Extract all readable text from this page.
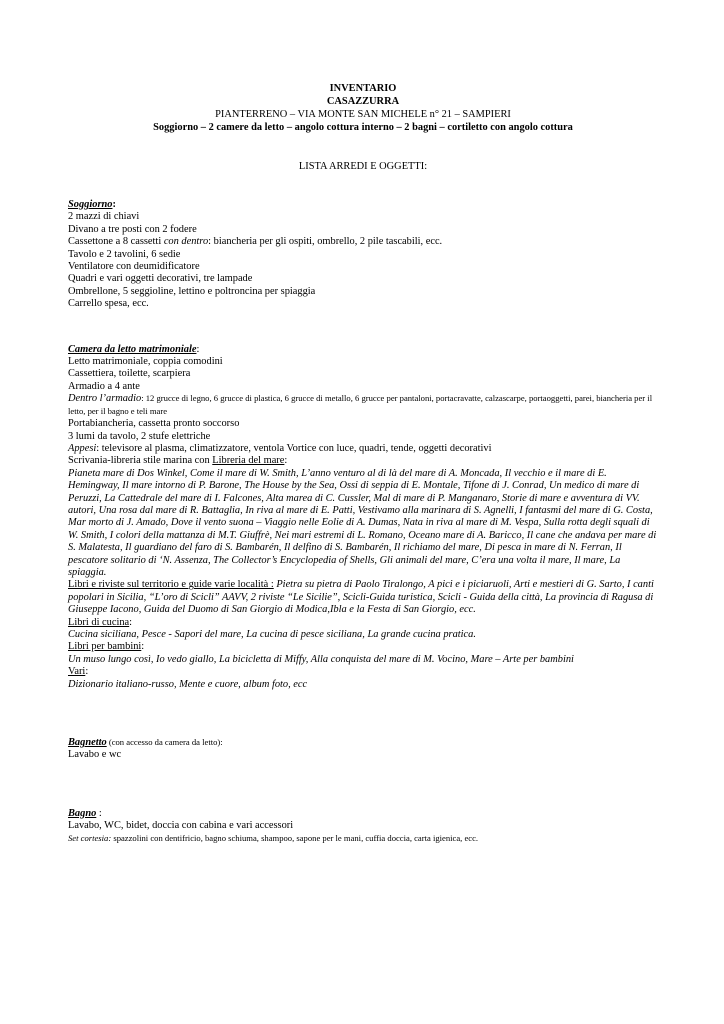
INVENTARIO
CASAZZURRA
PIANTERRENO – VIA MONTE SAN MICHELE n° 21 – SAMPIERI
Soggiorno – 2 camere da letto – angolo cottura interno – 2 bagni – cortiletto con angolo cottura
LISTA ARREDI E OGGETTI:

Soggiorno:

2 mazzi di chiavi

Divano a tre posti con 2 fodere

Cassettone a 8 cassetti con dentro: biancheria per gli ospiti, ombrello, 2 pile tascabili, ecc.

Tavolo e 2 tavolini, 6 sedie

Ventilatore con deumidificatore

Quadri e vari oggetti decorativi, tre lampade

Ombrellone, 5 seggioline, lettino e poltroncina per spiaggia

Carrello spesa, ecc.

Camera da letto matrimoniale:

Letto matrimoniale, coppia comodini

Cassettiera, toilette, scarpiera

Armadio a 4 ante

Dentro l’armadio: 12 grucce di legno, 6 grucce di plastica, 6 grucce di metallo, 6 grucce per pantaloni, portacravatte, calzascarpe, portaoggetti, parei, biancheria per il letto, per il bagno e teli mare

Portabiancheria, cassetta pronto soccorso

3 lumi da tavolo, 2 stufe elettriche

Appesi: televisore al plasma, climatizzatore, ventola Vortice con luce, quadri, tende, oggetti decorativi

Scrivania-libreria stile marina con Libreria del mare:

Pianeta mare di Dos Winkel, Come il mare di W. Smith, L’anno venturo al di là del mare di A. Moncada, Il vecchio e il mare di E. Hemingway, Il mare intorno di P. Barone, The House by the Sea, Ossi di seppia di E. Montale, Tifone di J. Conrad, Un medico di mare di Peruzzi, La Cattedrale del mare di I. Falcones, Alta marea di C. Cussler, Mal di mare di P. Manganaro, Storie di mare e avventura di VV. autori, Una rosa dal mare di R. Battaglia, In riva al mare di E. Patti, Vestivamo alla marinara di S. Agnelli, I fantasmi del mare di G. Costa, Mar morto di J. Amado, Dove il vento suona – Viaggio nelle Eolie di A. Dumas, Nata in riva al mare di M. Vespa, Sulla rotta degli squali di W. Smith, I colori della mattanza di M.T. Giuffrè, Nei mari estremi di L. Romano, Oceano mare di A. Baricco, Il cane che andava per mare di S. Malatesta, Il guardiano del faro di S. Bambarén, Il delfino di S. Bambarén, Il richiamo del mare, Di pesca in mare di N. Ferran, Il pescatore solitario di ‘N. Assenza, The Collector’s Encyclopedia of Shells, Gli animali del mare, C’era una volta il mare, Il mare, La spiaggia.

Libri e riviste sul territorio e guide varie località : Pietra su pietra di Paolo Tiralongo, A pici e i piciaruoli, Arti e mestieri di G. Sarto, I canti popolari in Sicilia, “L’oro di Scicli” AAVV, 2 riviste “Le Sicilie”, Scicli-Guida turistica, Scicli - Guida della città, La provincia di Ragusa di Giuseppe Iacono, Guida del Duomo di San Giorgio di Modica,Ibla e la Festa di San Giorgio, ecc.

Libri di cucina:

Cucina siciliana, Pesce - Sapori del mare, La cucina di pesce siciliana, La grande cucina pratica.

Libri per bambini:

Un muso lungo così, Io vedo giallo, La bicicletta di Miffy, Alla conquista del mare di M. Vocino, Mare – Arte per bambini

Vari:

Dizionario italiano-russo, Mente e cuore, album foto, ecc

Bagnetto (con accesso da camera da letto):

Lavabo e wc

Bagno :

Lavabo, WC, bidet, doccia con cabina e vari accessori

Set cortesia: spazzolini con dentifricio, bagno schiuma, shampoo, sapone per le mani, cuffia doccia, carta igienica, ecc.
